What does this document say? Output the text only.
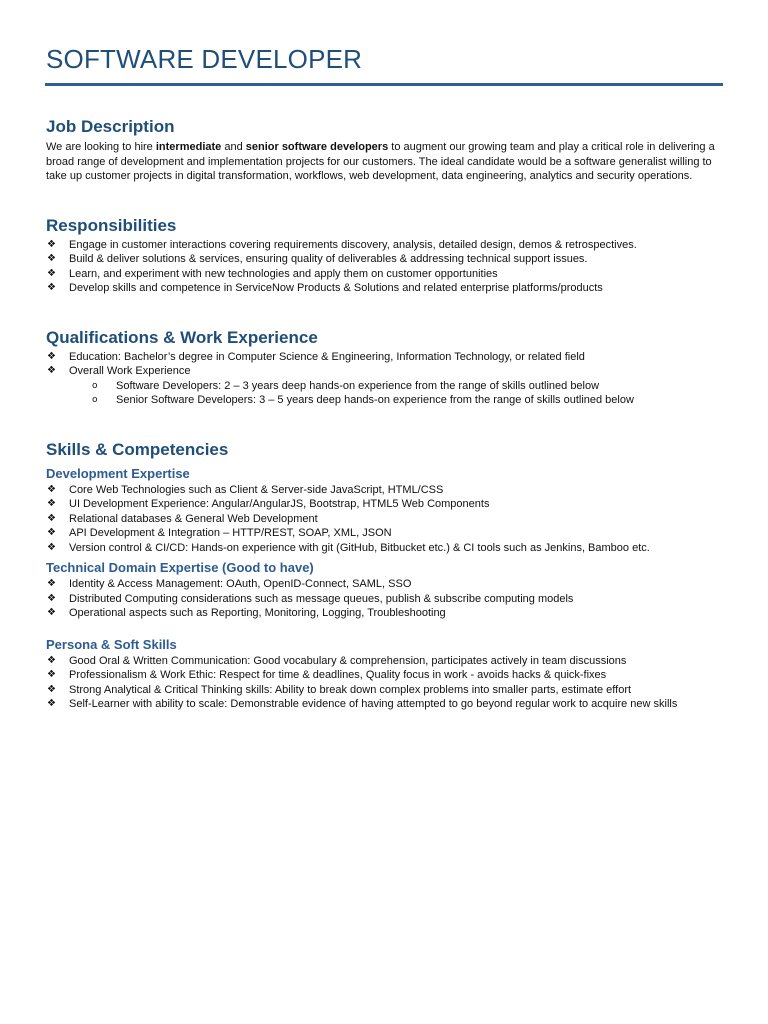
SOFTWARE DEVELOPER
Job Description

We are looking to hire intermediate and senior software developers to augment our growing team and play a critical role in delivering a broad range of development and implementation projects for our customers. The ideal candidate would be a software generalist willing to take up customer projects in digital transformation, workflows, web development, data engineering, analytics and security operations.

Responsibilities
❖ Engage in customer interactions covering requirements discovery, analysis, detailed design, demos & retrospectives.
❖ Build & deliver solutions & services, ensuring quality of deliverables & addressing technical support issues.
❖ Learn, and experiment with new technologies and apply them on customer opportunities
❖ Develop skills and competence in ServiceNow Products & Solutions and related enterprise platforms/products
Qualifications & Work Experience
❖ Education: Bachelor’s degree in Computer Science & Engineering, Information Technology, or related field
❖ Overall Work Experience
o Software Developers: 2 – 3 years deep hands-on experience from the range of skills outlined below
o Senior Software Developers: 3 – 5 years deep hands-on experience from the range of skills outlined below
Skills & Competencies
Development Expertise
❖ Core Web Technologies such as Client & Server-side JavaScript, HTML/CSS
❖ UI Development Experience: Angular/AngularJS, Bootstrap, HTML5 Web Components
❖ Relational databases & General Web Development
❖ API Development & Integration – HTTP/REST, SOAP, XML, JSON
❖ Version control & CI/CD: Hands-on experience with git (GitHub, Bitbucket etc.) & CI tools such as Jenkins, Bamboo etc.
Technical Domain Expertise (Good to have)
❖ Identity & Access Management: OAuth, OpenID-Connect, SAML, SSO
❖ Distributed Computing considerations such as message queues, publish & subscribe computing models
❖ Operational aspects such as Reporting, Monitoring, Logging, Troubleshooting
Persona & Soft Skills
❖ Good Oral & Written Communication: Good vocabulary & comprehension, participates actively in team discussions
❖ Professionalism & Work Ethic: Respect for time & deadlines, Quality focus in work - avoids hacks & quick-fixes
❖ Strong Analytical & Critical Thinking skills: Ability to break down complex problems into smaller parts, estimate effort
❖ Self-Learner with ability to scale: Demonstrable evidence of having attempted to go beyond regular work to acquire new skills
